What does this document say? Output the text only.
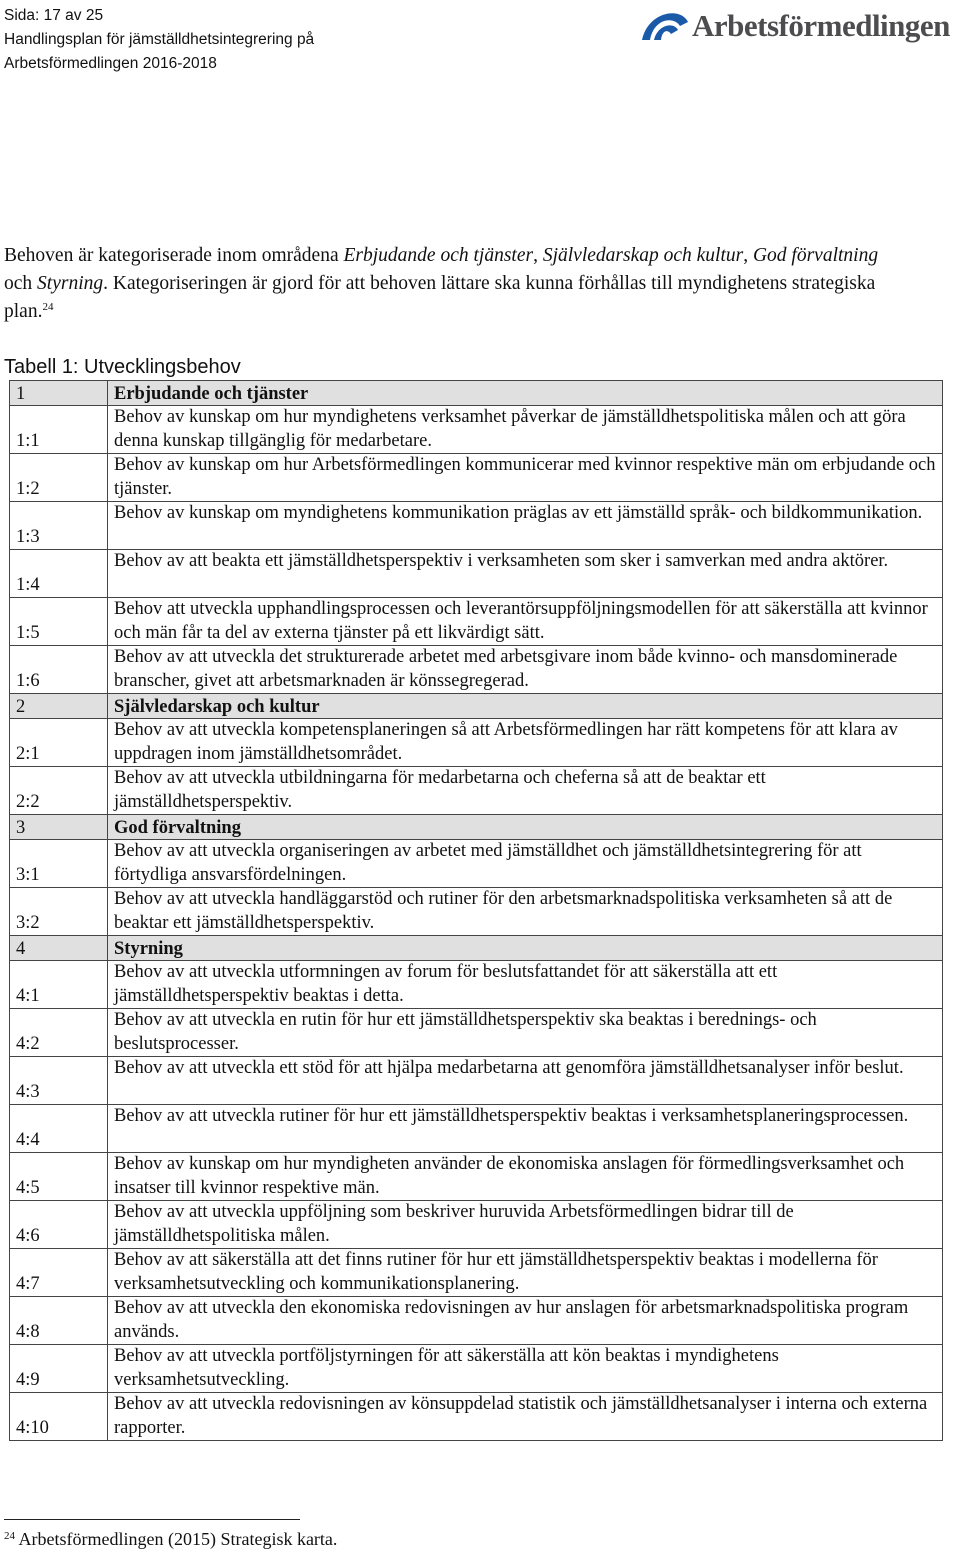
Sida: 17 av 25
Handlingsplan för jämställdhetsintegrering på
Arbetsförmedlingen 2016-2018
Arbetsförmedlingen
Behoven är kategoriserade inom områdena Erbjudande och tjänster, Självledarskap och kultur, God förvaltning och Styrning. Kategoriseringen är gjord för att behoven lättare ska kunna förhållas till myndighetens strategiska plan.$^{24}$
Tabell 1: Utvecklingsbehov
1	Erbjudande och tjänster
1:1	Behov av kunskap om hur myndighetens verksamhet påverkar de jämställdhetspolitiska målen och att göra denna kunskap tillgänglig för medarbetare.
1:2	Behov av kunskap om hur Arbetsförmedlingen kommunicerar med kvinnor respektive män om erbjudande och tjänster.
1:3	Behov av kunskap om myndighetens kommunikation präglas av ett jämställd språk- och bildkommunikation.
1:4	Behov av att beakta ett jämställdhetsperspektiv i verksamheten som sker i samverkan med andra aktörer.
1:5	Behov att utveckla upphandlingsprocessen och leverantörsuppföljningsmodellen för att säkerställa att kvinnor och män får ta del av externa tjänster på ett likvärdigt sätt.
1:6	Behov av att utveckla det strukturerade arbetet med arbetsgivare inom både kvinno- och mansdominerade branscher, givet att arbetsmarknaden är könssegregerad.
2	Självledarskap och kultur
2:1	Behov av att utveckla kompetensplaneringen så att Arbetsförmedlingen har rätt kompetens för att klara av uppdragen inom jämställdhetsområdet.
2:2	Behov av att utveckla utbildningarna för medarbetarna och cheferna så att de beaktar ett jämställdhetsperspektiv.
3	God förvaltning
3:1	Behov av att utveckla organiseringen av arbetet med jämställdhet och jämställdhetsintegrering för att förtydliga ansvarsfördelningen.
3:2	Behov av att utveckla handläggarstöd och rutiner för den arbetsmarknadspolitiska verksamheten så att de beaktar ett jämställdhetsperspektiv.
4	Styrning
4:1	Behov av att utveckla utformningen av forum för beslutsfattandet för att säkerställa att ett jämställdhetsperspektiv beaktas i detta.
4:2	Behov av att utveckla en rutin för hur ett jämställdhetsperspektiv ska beaktas i berednings- och beslutsprocesser.
4:3	Behov av att utveckla ett stöd för att hjälpa medarbetarna att genomföra jämställdhetsanalyser inför beslut.
4:4	Behov av att utveckla rutiner för hur ett jämställdhetsperspektiv beaktas i verksamhetsplaneringsprocessen.
4:5	Behov av kunskap om hur myndigheten använder de ekonomiska anslagen för förmedlingsverksamhet och insatser till kvinnor respektive män.
4:6	Behov av att utveckla uppföljning som beskriver huruvida Arbetsförmedlingen bidrar till de jämställdhetspolitiska målen.
4:7	Behov av att säkerställa att det finns rutiner för hur ett jämställdhetsperspektiv beaktas i modellerna för verksamhetsutveckling och kommunikationsplanering.
4:8	Behov av att utveckla den ekonomiska redovisningen av hur anslagen för arbetsmarknadspolitiska program används.
4:9	Behov av att utveckla portföljstyrningen för att säkerställa att kön beaktas i myndighetens verksamhetsutveckling.
4:10	Behov av att utveckla redovisningen av könsuppdelad statistik och jämställdhetsanalyser i interna och externa rapporter.
$^{24}$ Arbetsförmedlingen (2015) Strategisk karta.
